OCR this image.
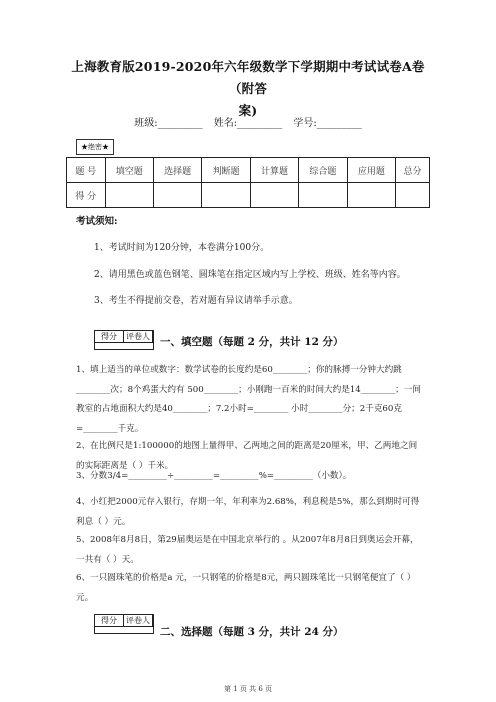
上海教育版2019-2020年六年级数学下学期期中考试试卷A卷 （附答
案)
班级:_________ 姓名:_________ 学号:_________
★绝密★
题 号	填空题	选择题	判断题	计算题	综合题	应用题	总分
得 分							
考试须知:
1、考试时间为120分钟，本卷满分100分。
2、请用黑色或蓝色钢笔、圆珠笔在指定区域内写上学校、班级、姓名等内容。
3、考生不得提前交卷，若对题有异议请举手示意。
得分	评卷人 一、填空题（每题 2 分，共计 12 分）
1、填上适当的单位或数字：数学试卷的长度约是60________；你的脉搏一分钟大约跳________次；8个鸡蛋大约有 500________；小刚跑一百米的时间大约是14________；一间教室的占地面积大约是40________；7.2小时=________ 小时________分；2千克60克=________千克。
2、在比例尺是1:100000的地图上量得甲、乙两地之间的距离是20厘米，甲、乙两地之间的实际距离是（ ）千米。
3、分数3/4=_________÷_________=_________%=_________（小数）。
4、小红把2000元存入银行，存期一年，年利率为2.68%，利息税是5%，那么到期时可得利息（ ）元。
5、2008年8月8日，第29届奥运是在中国北京举行的 。从2007年8月8日到奥运会开幕，一共有（ ）天。
6、一只圆珠笔的价格是a 元，一只钢笔的价格是8元，两只圆珠笔比一只钢笔便宜了（ ）元。
得分	评卷人
二、选择题（每题 3 分，共计 24 分）
第 1 页 共 6 页
